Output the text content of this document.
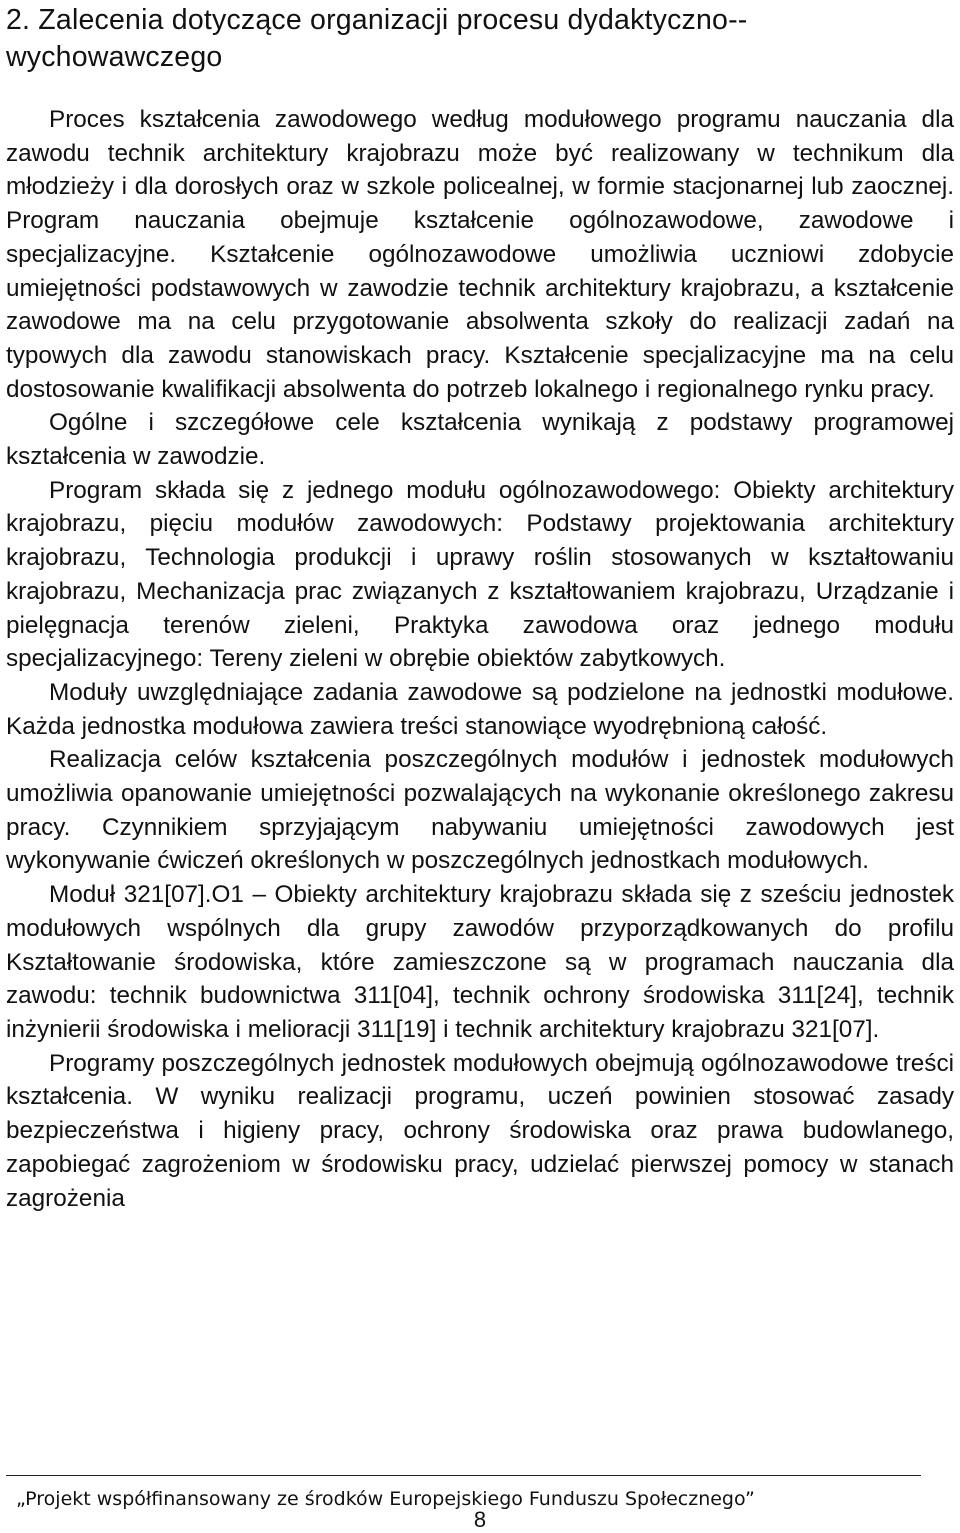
2. Zalecenia dotyczące organizacji procesu dydaktyczno--wychowawczego

Proces kształcenia zawodowego według modułowego programu nauczania dla zawodu technik architektury krajobrazu może być realizowany w technikum dla młodzieży i dla dorosłych oraz w szkole policealnej, w formie stacjonarnej lub zaocznej. Program nauczania obejmuje kształcenie ogólnozawodowe, zawodowe i specjalizacyjne. Kształcenie ogólnozawodowe umożliwia uczniowi zdobycie umiejętności podstawowych w zawodzie technik architektury krajobrazu, a kształcenie zawodowe ma na celu przygotowanie absolwenta szkoły do realizacji zadań na typowych dla zawodu stanowiskach pracy. Kształcenie specjalizacyjne ma na celu dostosowanie kwalifikacji absolwenta do potrzeb lokalnego i regionalnego rynku pracy.

Ogólne i szczegółowe cele kształcenia wynikają z podstawy programowej kształcenia w zawodzie.

Program składa się z jednego modułu ogólnozawodowego: Obiekty architektury krajobrazu, pięciu modułów zawodowych: Podstawy projektowania architektury krajobrazu, Technologia produkcji i uprawy roślin stosowanych w kształtowaniu krajobrazu, Mechanizacja prac związanych z kształtowaniem krajobrazu, Urządzanie i pielęgnacja terenów zieleni, Praktyka zawodowa oraz jednego modułu specjalizacyjnego: Tereny zieleni w obrębie obiektów zabytkowych.

Moduły uwzględniające zadania zawodowe są podzielone na jednostki modułowe. Każda jednostka modułowa zawiera treści stanowiące wyodrębnioną całość.

Realizacja celów kształcenia poszczególnych modułów i jednostek modułowych umożliwia opanowanie umiejętności pozwalających na wykonanie określonego zakresu pracy. Czynnikiem sprzyjającym nabywaniu umiejętności zawodowych jest wykonywanie ćwiczeń określonych w poszczególnych jednostkach modułowych.

Moduł 321[07].O1 – Obiekty architektury krajobrazu składa się z sześciu jednostek modułowych wspólnych dla grupy zawodów przyporządkowanych do profilu Kształtowanie środowiska, które zamieszczone są w programach nauczania dla zawodu: technik budownictwa 311[04], technik ochrony środowiska 311[24], technik inżynierii środowiska i melioracji 311[19] i technik architektury krajobrazu 321[07].

Programy poszczególnych jednostek modułowych obejmują ogólnozawodowe treści kształcenia. W wyniku realizacji programu, uczeń powinien stosować zasady bezpieczeństwa i higieny pracy, ochrony środowiska oraz prawa budowlanego, zapobiegać zagrożeniom w środowisku pracy, udzielać pierwszej pomocy w stanach zagrożenia

„Projekt współfinansowany ze środków Europejskiego Funduszu Społecznego”
8
